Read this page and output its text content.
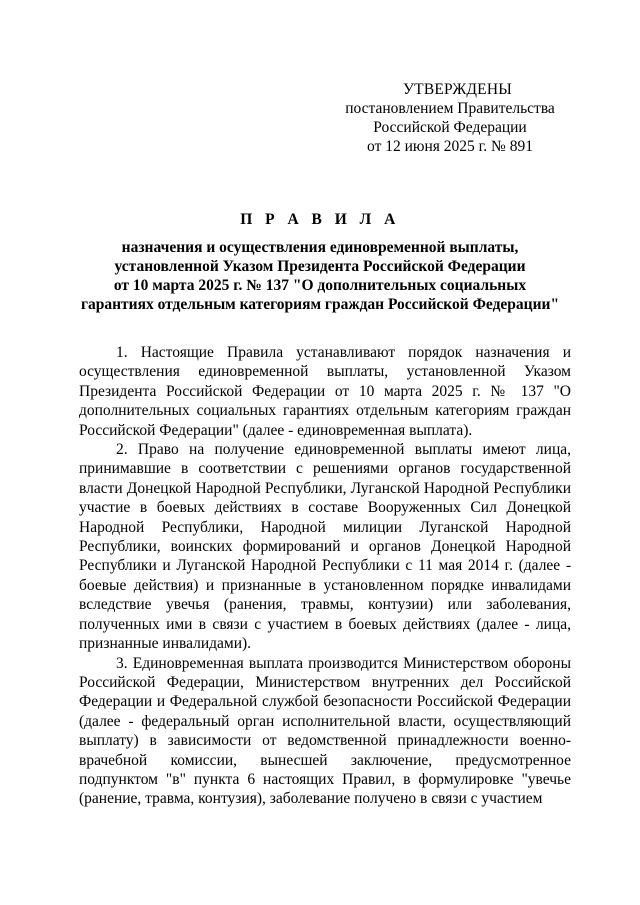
УТВЕРЖДЕНЫ
постановлением Правительства
Российской Федерации
от 12 июня 2025 г. № 891
П Р А В И Л А
назначения и осуществления единовременной выплаты,
установленной Указом Президента Российской Федерации
от 10 марта 2025 г. № 137 "О дополнительных социальных
гарантиях отдельным категориям граждан Российской Федерации"

1. Настоящие Правила устанавливают порядок назначения и осуществления единовременной выплаты, установленной Указом Президента Российской Федерации от 10 марта 2025 г. № 137 "О дополнительных социальных гарантиях отдельным категориям граждан Российской Федерации" (далее - единовременная выплата).

2. Право на получение единовременной выплаты имеют лица, принимавшие в соответствии с решениями органов государственной власти Донецкой Народной Республики, Луганской Народной Республики участие в боевых действиях в составе Вооруженных Сил Донецкой Народной Республики, Народной милиции Луганской Народной Республики, воинских формирований и органов Донецкой Народной Республики и Луганской Народной Республики с 11 мая 2014 г. (далее - боевые действия) и признанные в установленном порядке инвалидами вследствие увечья (ранения, травмы, контузии) или заболевания, полученных ими в связи с участием в боевых действиях (далее - лица, признанные инвалидами).

3. Единовременная выплата производится Министерством обороны Российской Федерации, Министерством внутренних дел Российской Федерации и Федеральной службой безопасности Российской Федерации (далее - федеральный орган исполнительной власти, осуществляющий выплату) в зависимости от ведомственной принадлежности военно-врачебной комиссии, вынесшей заключение, предусмотренное подпунктом "в" пункта 6 настоящих Правил, в формулировке "увечье (ранение, травма, контузия), заболевание получено в связи с участием
